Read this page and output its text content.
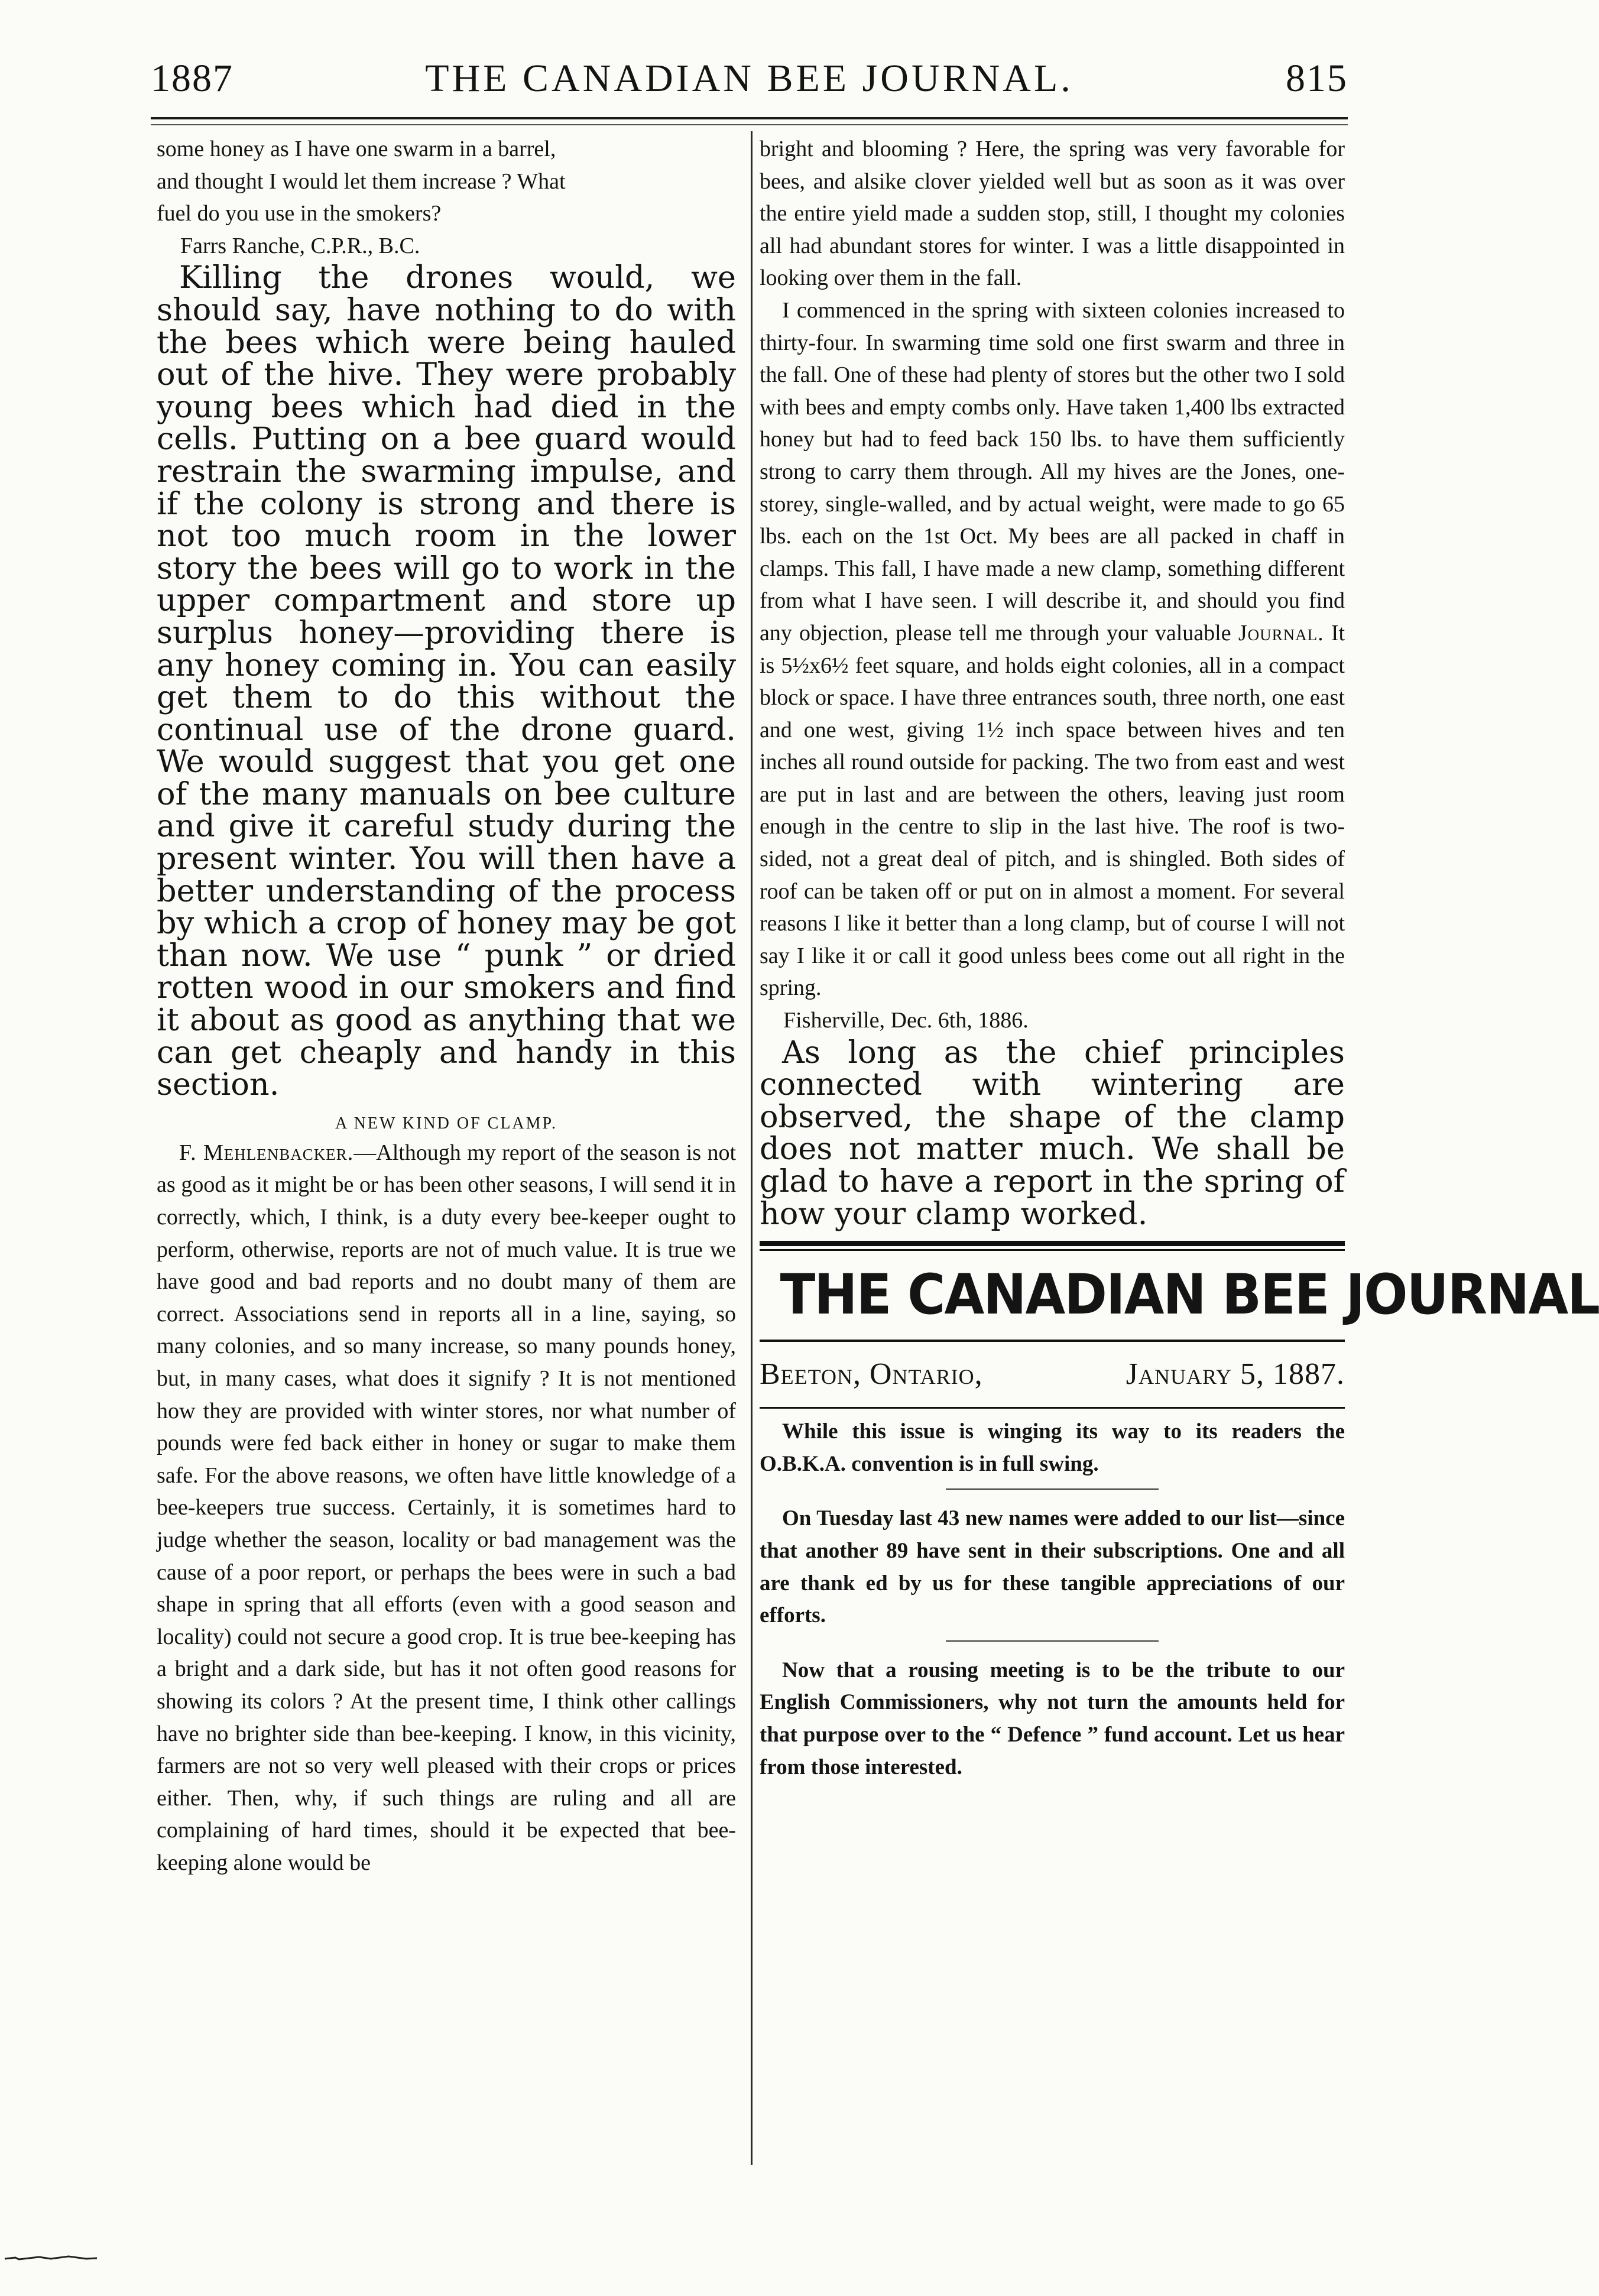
1887	THE CANADIAN BEE JOURNAL.	815

some honey as I have one swarm in a barrel,
and thought I would let them increase ? What
fuel do you use in the smokers?

Farrs Ranche, C.P.R., B.C.

Killing the drones would, we should say, have nothing to do with the bees which were being hauled out of the hive. They were probably young bees which had died in the cells. Putting on a bee guard would restrain the swarming impulse, and if the colony is strong and there is not too much room in the lower story the bees will go to work in the upper compartment and store up surplus honey—providing there is any honey coming in. You can easily get them to do this without the continual use of the drone guard. We would suggest that you get one of the many manuals on bee culture and give it careful study during the present winter. You will then have a better understanding of the process by which a crop of honey may be got than now. We use “ punk ” or dried rotten wood in our smokers and find it about as good as anything that we can get cheaply and handy in this section.

A NEW KIND OF CLAMP.

F. Mehlenbacker.—Although my report of the season is not as good as it might be or has been other seasons, I will send it in correctly, which, I think, is a duty every bee-keeper ought to perform, otherwise, reports are not of much value. It is true we have good and bad reports and no doubt many of them are correct. Associations send in reports all in a line, saying, so many colonies, and so many increase, so many pounds honey, but, in many cases, what does it signify ? It is not mentioned how they are provided with winter stores, nor what number of pounds were fed back either in honey or sugar to make them safe. For the above reasons, we often have little knowledge of a bee-keepers true success. Certainly, it is sometimes hard to judge whether the season, locality or bad management was the cause of a poor report, or perhaps the bees were in such a bad shape in spring that all efforts (even with a good season and locality) could not secure a good crop. It is true bee-keeping has a bright and a dark side, but has it not often good reasons for showing its colors ? At the present time, I think other callings have no brighter side than bee-keeping. I know, in this vicinity, farmers are not so very well pleased with their crops or prices either. Then, why, if such things are ruling and all are complaining of hard times, should it be expected that bee-keeping alone would be

bright and blooming ? Here, the spring was very favorable for bees, and alsike clover yielded well but as soon as it was over the entire yield made a sudden stop, still, I thought my colonies all had abundant stores for winter. I was a little disappointed in looking over them in the fall.

I commenced in the spring with sixteen colonies increased to thirty-four. In swarming time sold one first swarm and three in the fall. One of these had plenty of stores but the other two I sold with bees and empty combs only. Have taken 1,400 lbs extracted honey but had to feed back 150 lbs. to have them sufficiently strong to carry them through. All my hives are the Jones, one-storey, single-walled, and by actual weight, were made to go 65 lbs. each on the 1st Oct. My bees are all packed in chaff in clamps. This fall, I have made a new clamp, something different from what I have seen. I will describe it, and should you find any objection, please tell me through your valuable Journal. It is 5½x6½ feet square, and holds eight colonies, all in a compact block or space. I have three entrances south, three north, one east and one west, giving 1½ inch space between hives and ten inches all round outside for packing. The two from east and west are put in last and are between the others, leaving just room enough in the centre to slip in the last hive. The roof is two-sided, not a great deal of pitch, and is shingled. Both sides of roof can be taken off or put on in almost a moment. For several reasons I like it better than a long clamp, but of course I will not say I like it or call it good unless bees come out all right in the spring.

Fisherville, Dec. 6th, 1886.

As long as the chief principles connected with wintering are observed, the shape of the clamp does not matter much. We shall be glad to have a report in the spring of how your clamp worked.

THE CANADIAN BEE JOURNAL
Beeton, Ontario,	January 5, 1887.

While this issue is winging its way to its readers the O.B.K.A. convention is in full swing.

On Tuesday last 43 new names were added to our list—since that another 89 have sent in their subscriptions. One and all are thank ed by us for these tangible appreciations of our efforts.

Now that a rousing meeting is to be the tribute to our English Commissioners, why not turn the amounts held for that purpose over to the “ Defence ” fund account. Let us hear from those interested.
